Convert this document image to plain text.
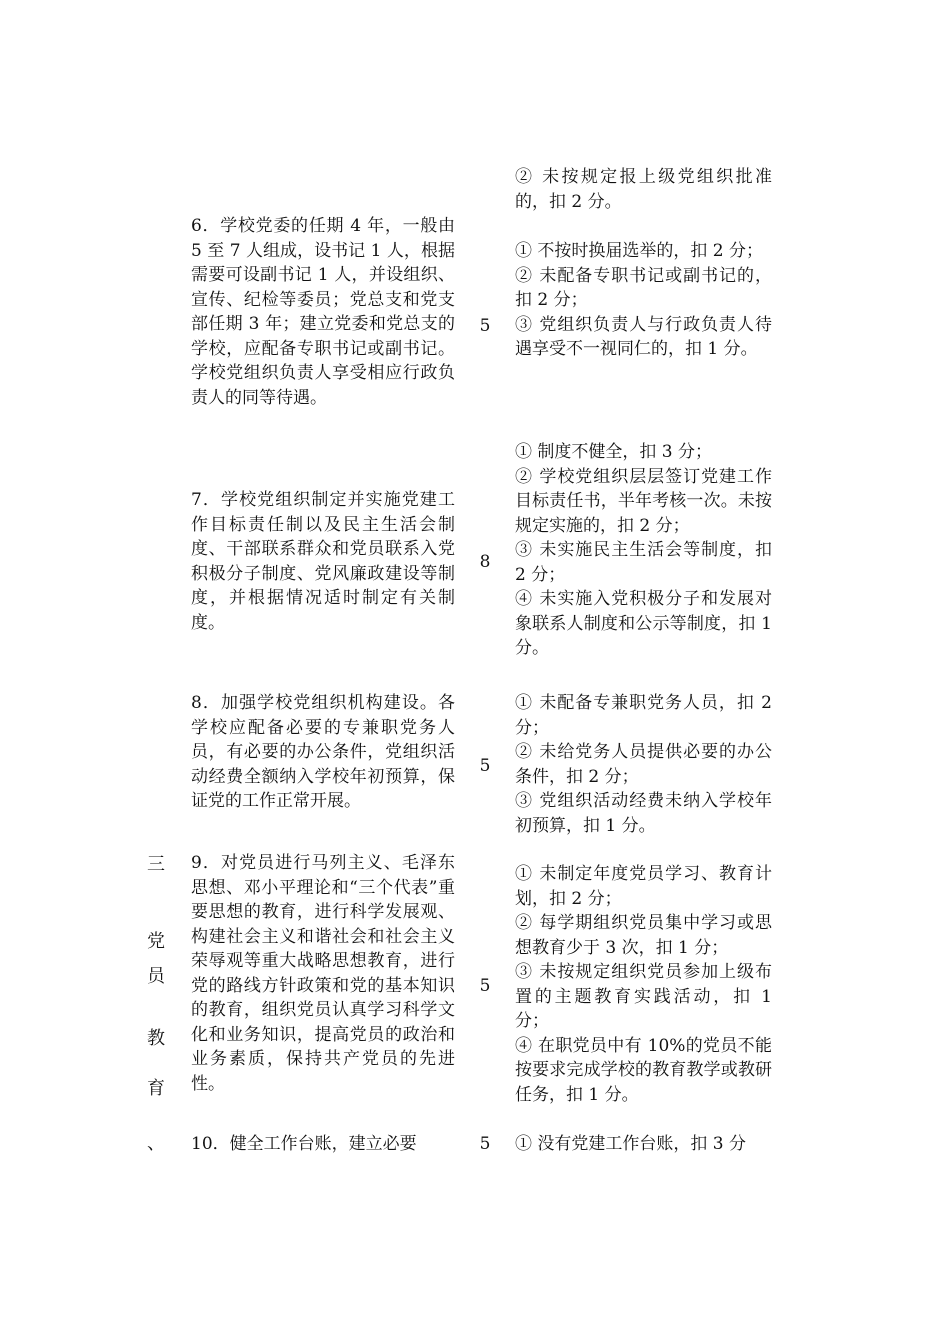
三
党
员
教
育
、

② 未按规定报上级党组织批准的，扣 2 分。

6．学校党委的任期 4 年，一般由 5 至 7 人组成，设书记 1 人，根据需要可设副书记 1 人，并设组织、宣传、纪检等委员；党总支和党支部任期 3 年；建立党委和党总支的学校，应配备专职书记或副书记。学校党组织负责人享受相应行政负责人的同等待遇。
5

① 不按时换届选举的，扣 2 分；

② 未配备专职书记或副书记的，扣 2 分；

③ 党组织负责人与行政负责人待遇享受不一视同仁的，扣 1 分。

7．学校党组织制定并实施党建工作目标责任制以及民主生活会制度、干部联系群众和党员联系入党积极分子制度、党风廉政建设等制度，并根据情况适时制定有关制度。
8

① 制度不健全，扣 3 分；

② 学校党组织层层签订党建工作目标责任书，半年考核一次。未按规定实施的，扣 2 分；

③ 未实施民主生活会等制度，扣 2 分；

④ 未实施入党积极分子和发展对象联系人制度和公示等制度，扣 1 分。

8．加强学校党组织机构建设。各学校应配备必要的专兼职党务人员，有必要的办公条件，党组织活动经费全额纳入学校年初预算，保证党的工作正常开展。
5

① 未配备专兼职党务人员，扣 2 分；

② 未给党务人员提供必要的办公条件，扣 2 分；

③ 党组织活动经费未纳入学校年初预算，扣 1 分。

9．对党员进行马列主义、毛泽东思想、邓小平理论和“三个代表”重要思想的教育，进行科学发展观、构建社会主义和谐社会和社会主义荣辱观等重大战略思想教育，进行党的路线方针政策和党的基本知识的教育，组织党员认真学习科学文化和业务知识，提高党员的政治和业务素质，保持共产党员的先进性。
5

① 未制定年度党员学习、教育计划，扣 2 分；

② 每学期组织党员集中学习或思想教育少于 3 次，扣 1 分；

③ 未按规定组织党员参加上级布置的主题教育实践活动，扣 1 分；

④ 在职党员中有 10%的党员不能按要求完成学校的教育教学或教研任务，扣 1 分。

10．健全工作台账，建立必要	5 ① 没有党建工作台账，扣 3 分
